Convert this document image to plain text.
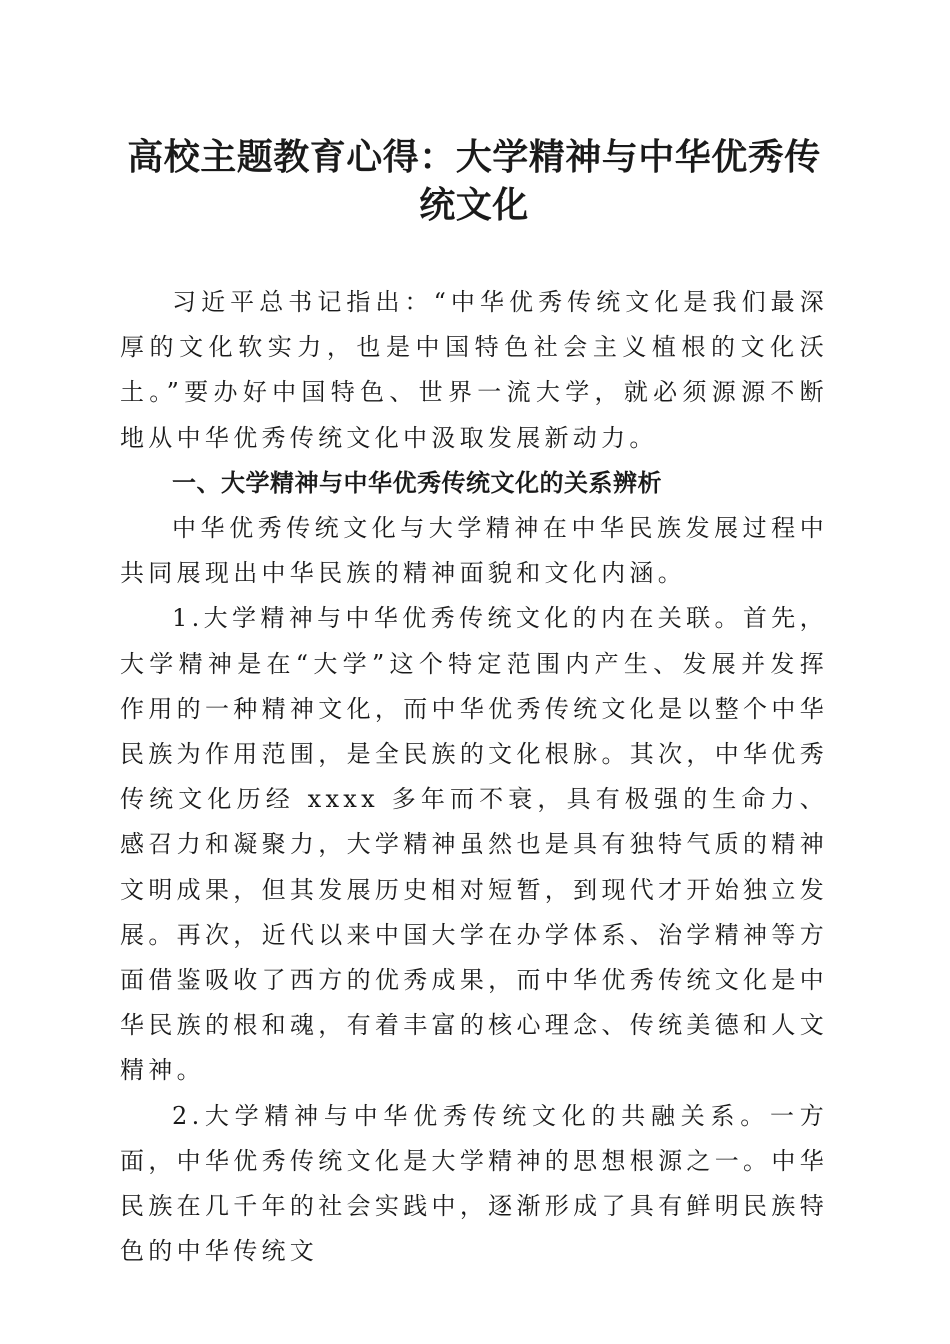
高校主题教育心得：大学精神与中华优秀传统文化

习近平总书记指出：“中华优秀传统文化是我们最深厚的文化软实力，也是中国特色社会主义植根的文化沃土。”要办好中国特色、世界一流大学，就必须源源不断地从中华优秀传统文化中汲取发展新动力。

一、大学精神与中华优秀传统文化的关系辨析

中华优秀传统文化与大学精神在中华民族发展过程中共同展现出中华民族的精神面貌和文化内涵。

1.大学精神与中华优秀传统文化的内在关联。首先，大学精神是在“大学”这个特定范围内产生、发展并发挥作用的一种精神文化，而中华优秀传统文化是以整个中华民族为作用范围，是全民族的文化根脉。其次，中华优秀传统文化历经 xxxx 多年而不衰，具有极强的生命力、感召力和凝聚力，大学精神虽然也是具有独特气质的精神文明成果，但其发展历史相对短暂，到现代才开始独立发展。再次，近代以来中国大学在办学体系、治学精神等方面借鉴吸收了西方的优秀成果，而中华优秀传统文化是中华民族的根和魂，有着丰富的核心理念、传统美德和人文精神。

2.大学精神与中华优秀传统文化的共融关系。一方面，中华优秀传统文化是大学精神的思想根源之一。中华民族在几千年的社会实践中，逐渐形成了具有鲜明民族特色的中华传统文
